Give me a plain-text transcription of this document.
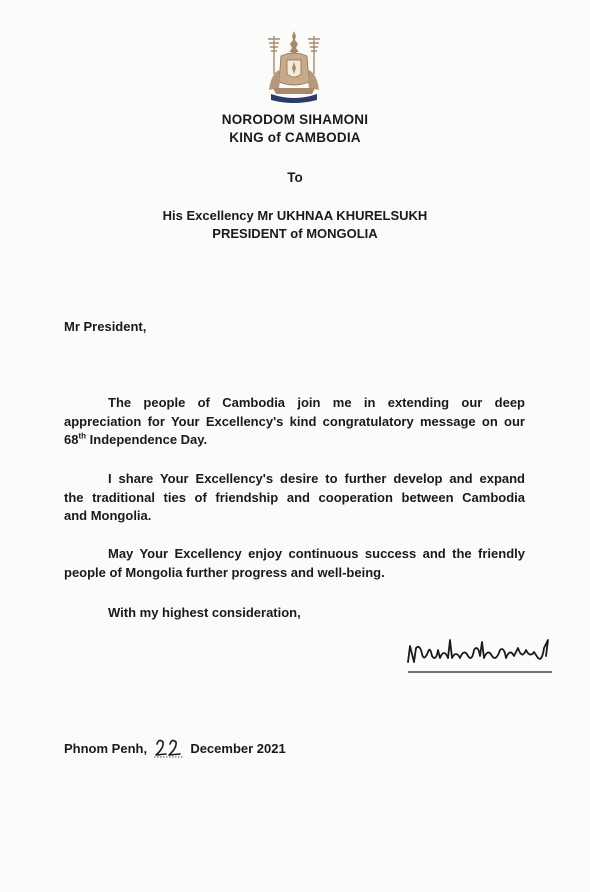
NORODOM SIHAMONI
KING of CAMBODIA
To
His Excellency Mr UKHNAA KHURELSUKH
PRESIDENT of MONGOLIA
Mr President,
The people of Cambodia join me in extending our deep
appreciation for Your Excellency's kind congratulatory message on our
68th Independence Day.
I share Your Excellency's desire to further develop and expand
the traditional ties of friendship and cooperation between Cambodia
and Mongolia.
May Your Excellency enjoy continuous success and the friendly
people of Mongolia further progress and well-being.
With my highest consideration,
Phnom Penh,	December 2021
